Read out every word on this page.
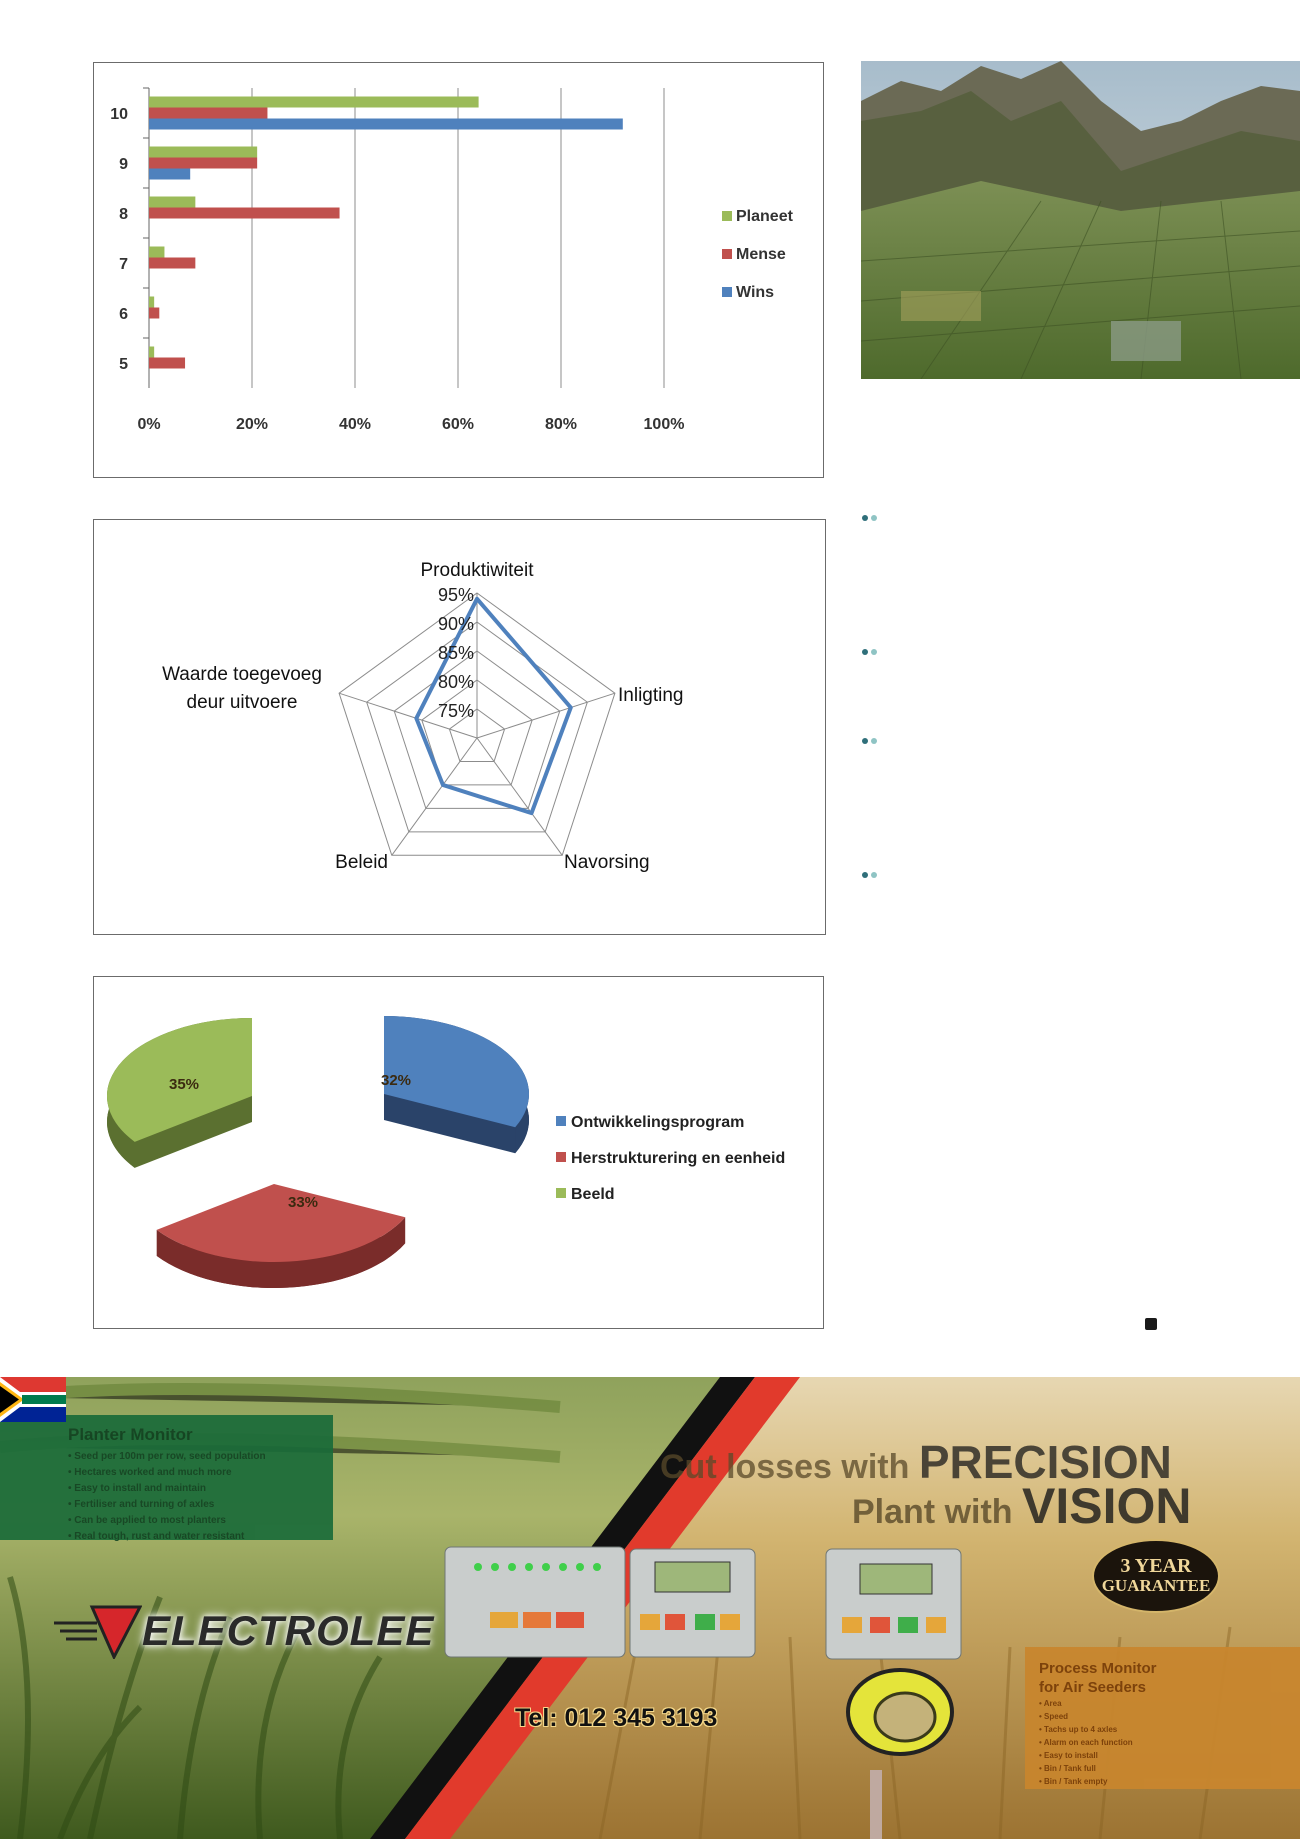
0%	20%	40%	60%	80%	100%
5
6
7
8
9
10
Planeet
Mense
Wins
75%
80%
85%
90%
95%
Produktiwiteit
Inligting
Navorsing
Beleid
Waarde toegevoeg
deur uitvoere
32%
33%
35%
Ontwikkelingsprogram
Herstrukturering en eenheid
Beeld
Planter Monitor
• Seed per 100m per row, seed population
• Hectares worked and much more
• Easy to install and maintain
• Fertiliser and turning of axles
• Can be applied to most planters
• Real tough, rust and water resistant
Cut losses with PRECISION
Plant with VISION
3 YEAR
GUARANTEE
ELECTROLEE
Tel: 012 345 3193
Process Monitor
for Air Seeders
• Area
• Speed
• Tachs up to 4 axles
• Alarm on each function
• Easy to install
• Bin / Tank full
• Bin / Tank empty
